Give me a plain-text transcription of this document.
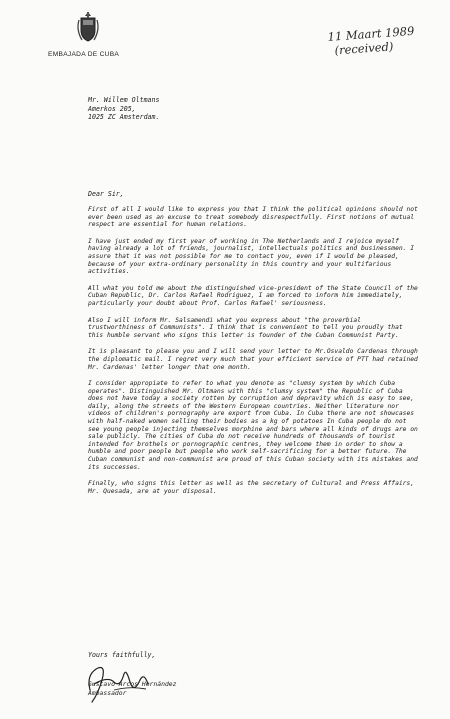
EMBAJADA DE CUBA
11 Maart 1989
(received)
Mr. Willem Oltmans
Amerkos 205,
1025 ZC Amsterdam.
Dear Sir,

First of all I would like to express you that I think the political opinions should not ever been used as an excuse to treat somebody disrespectfully. First notions of mutual respect are essential for human relations.

I have just ended my first year of working in The Netherlands and I rejoice myself having already a lot of friends, journalist, intellectuals politics and businessmen. I assure that it was not possible for me to contact you, even if I would be pleased, because of your extra-ordinary personality in this country and your multifarious activities.

All what you told me about the distinguished vice-president of the State Council of the Cuban Republic, Dr. Carlos Rafael Rodriguez, I am forced to inform him immediately, particularly your doubt about Prof. Carlos Rafael' seriousness.

Also I will inform Mr. Salsamendi what you express about "the proverbial trustworthiness of Communists". I think that is convenient to tell you proudly that this humble servant who signs this letter is founder of the Cuban Communist Party.

It is pleasant to please you and I will send your letter to Mr.Osvaldo Cardenas through the diplomatic mail. I regret very much that your efficient service of PTT had retained Mr. Cardenas' letter longer that one month.

I consider appropiate to refer to what you denote as "clumsy system by which Cuba operates". Distinguished Mr. Oltmans with this "clumsy system" the Republic of Cuba does not have today a society rotten by corruption and depravity which is easy to see, daily, along the streets of the Western European countries. Neither literature nor videos of children's pornography are export from Cuba. In Cuba there are not showcases with half-naked women selling their bodies as a kg of potatoes In Cuba people do not see young people injecting themselves morphine and bars where all kinds of drugs are on sale publicly. The cities of Cuba do not receive hundreds of thousands of tourist intended for brothels or pornographic centres, they welcome them in order to show a humble and poor people but people who work self-sacrificing for a better future. The Cuban communist and non-communist are proud of this Cuban society with its mistakes and its successes.

Finally, who signs this letter as well as the secretary of Cultural and Press Affairs, Mr. Quesada, are at your disposal.

Yours faithfully,
Gustavo Arcos Hernández
Ambassador
